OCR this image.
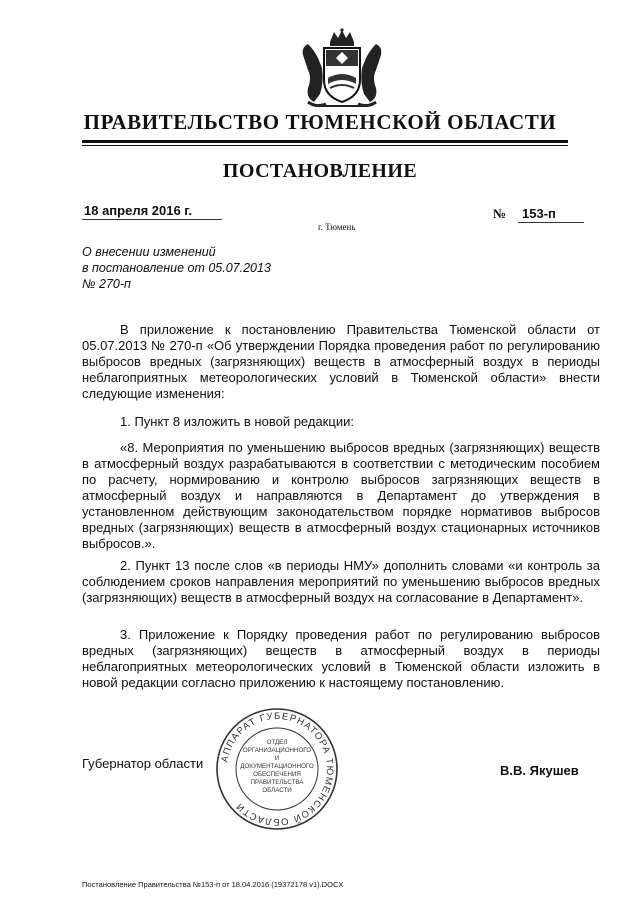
ПРАВИТЕЛЬСТВО ТЮМЕНСКОЙ ОБЛАСТИ
ПОСТАНОВЛЕНИЕ
18 апреля 2016 г.
г. Тюмень
№ 153-п
О внесении изменений
в постановление от 05.07.2013
№ 270-п
В приложение к постановлению Правительства Тюменской области от 05.07.2013 № 270-п «Об утверждении Порядка проведения работ по регулированию выбросов вредных (загрязняющих) веществ в атмосферный воздух в периоды неблагоприятных метеорологических условий в Тюменской области» внести следующие изменения:
1. Пункт 8 изложить в новой редакции:
«8. Мероприятия по уменьшению выбросов вредных (загрязняющих) веществ в атмосферный воздух разрабатываются в соответствии с методическим пособием по расчету, нормированию и контролю выбросов загрязняющих веществ в атмосферный воздух и направляются в Департамент до утверждения в установленном действующим законодательством порядке нормативов выбросов вредных (загрязняющих) веществ в атмосферный воздух стационарных источников выбросов.».
2. Пункт 13 после слов «в периоды НМУ» дополнить словами «и контроль за соблюдением сроков направления мероприятий по уменьшению выбросов вредных (загрязняющих) веществ в атмосферный воздух на согласование в Департамент».
3. Приложение к Порядку проведения работ по регулированию выбросов вредных (загрязняющих) веществ в атмосферный воздух в периоды неблагоприятных метеорологических условий в Тюменской области изложить в новой редакции согласно приложению к настоящему постановлению.
Губернатор области	В.В. Якушев
АППАРАТ ГУБЕРНАТОРА ТЮМЕНСКОЙ ОБЛАСТИ
ОТДЕЛ
ОРГАНИЗАЦИОННОГО
И
ДОКУМЕНТАЦИОННОГО
ОБЕСПЕЧЕНИЯ
ПРАВИТЕЛЬСТВА
ОБЛАСТИ
Постановление Правительства №153-п от 18.04.2016 (19372178 v1).DOCX
